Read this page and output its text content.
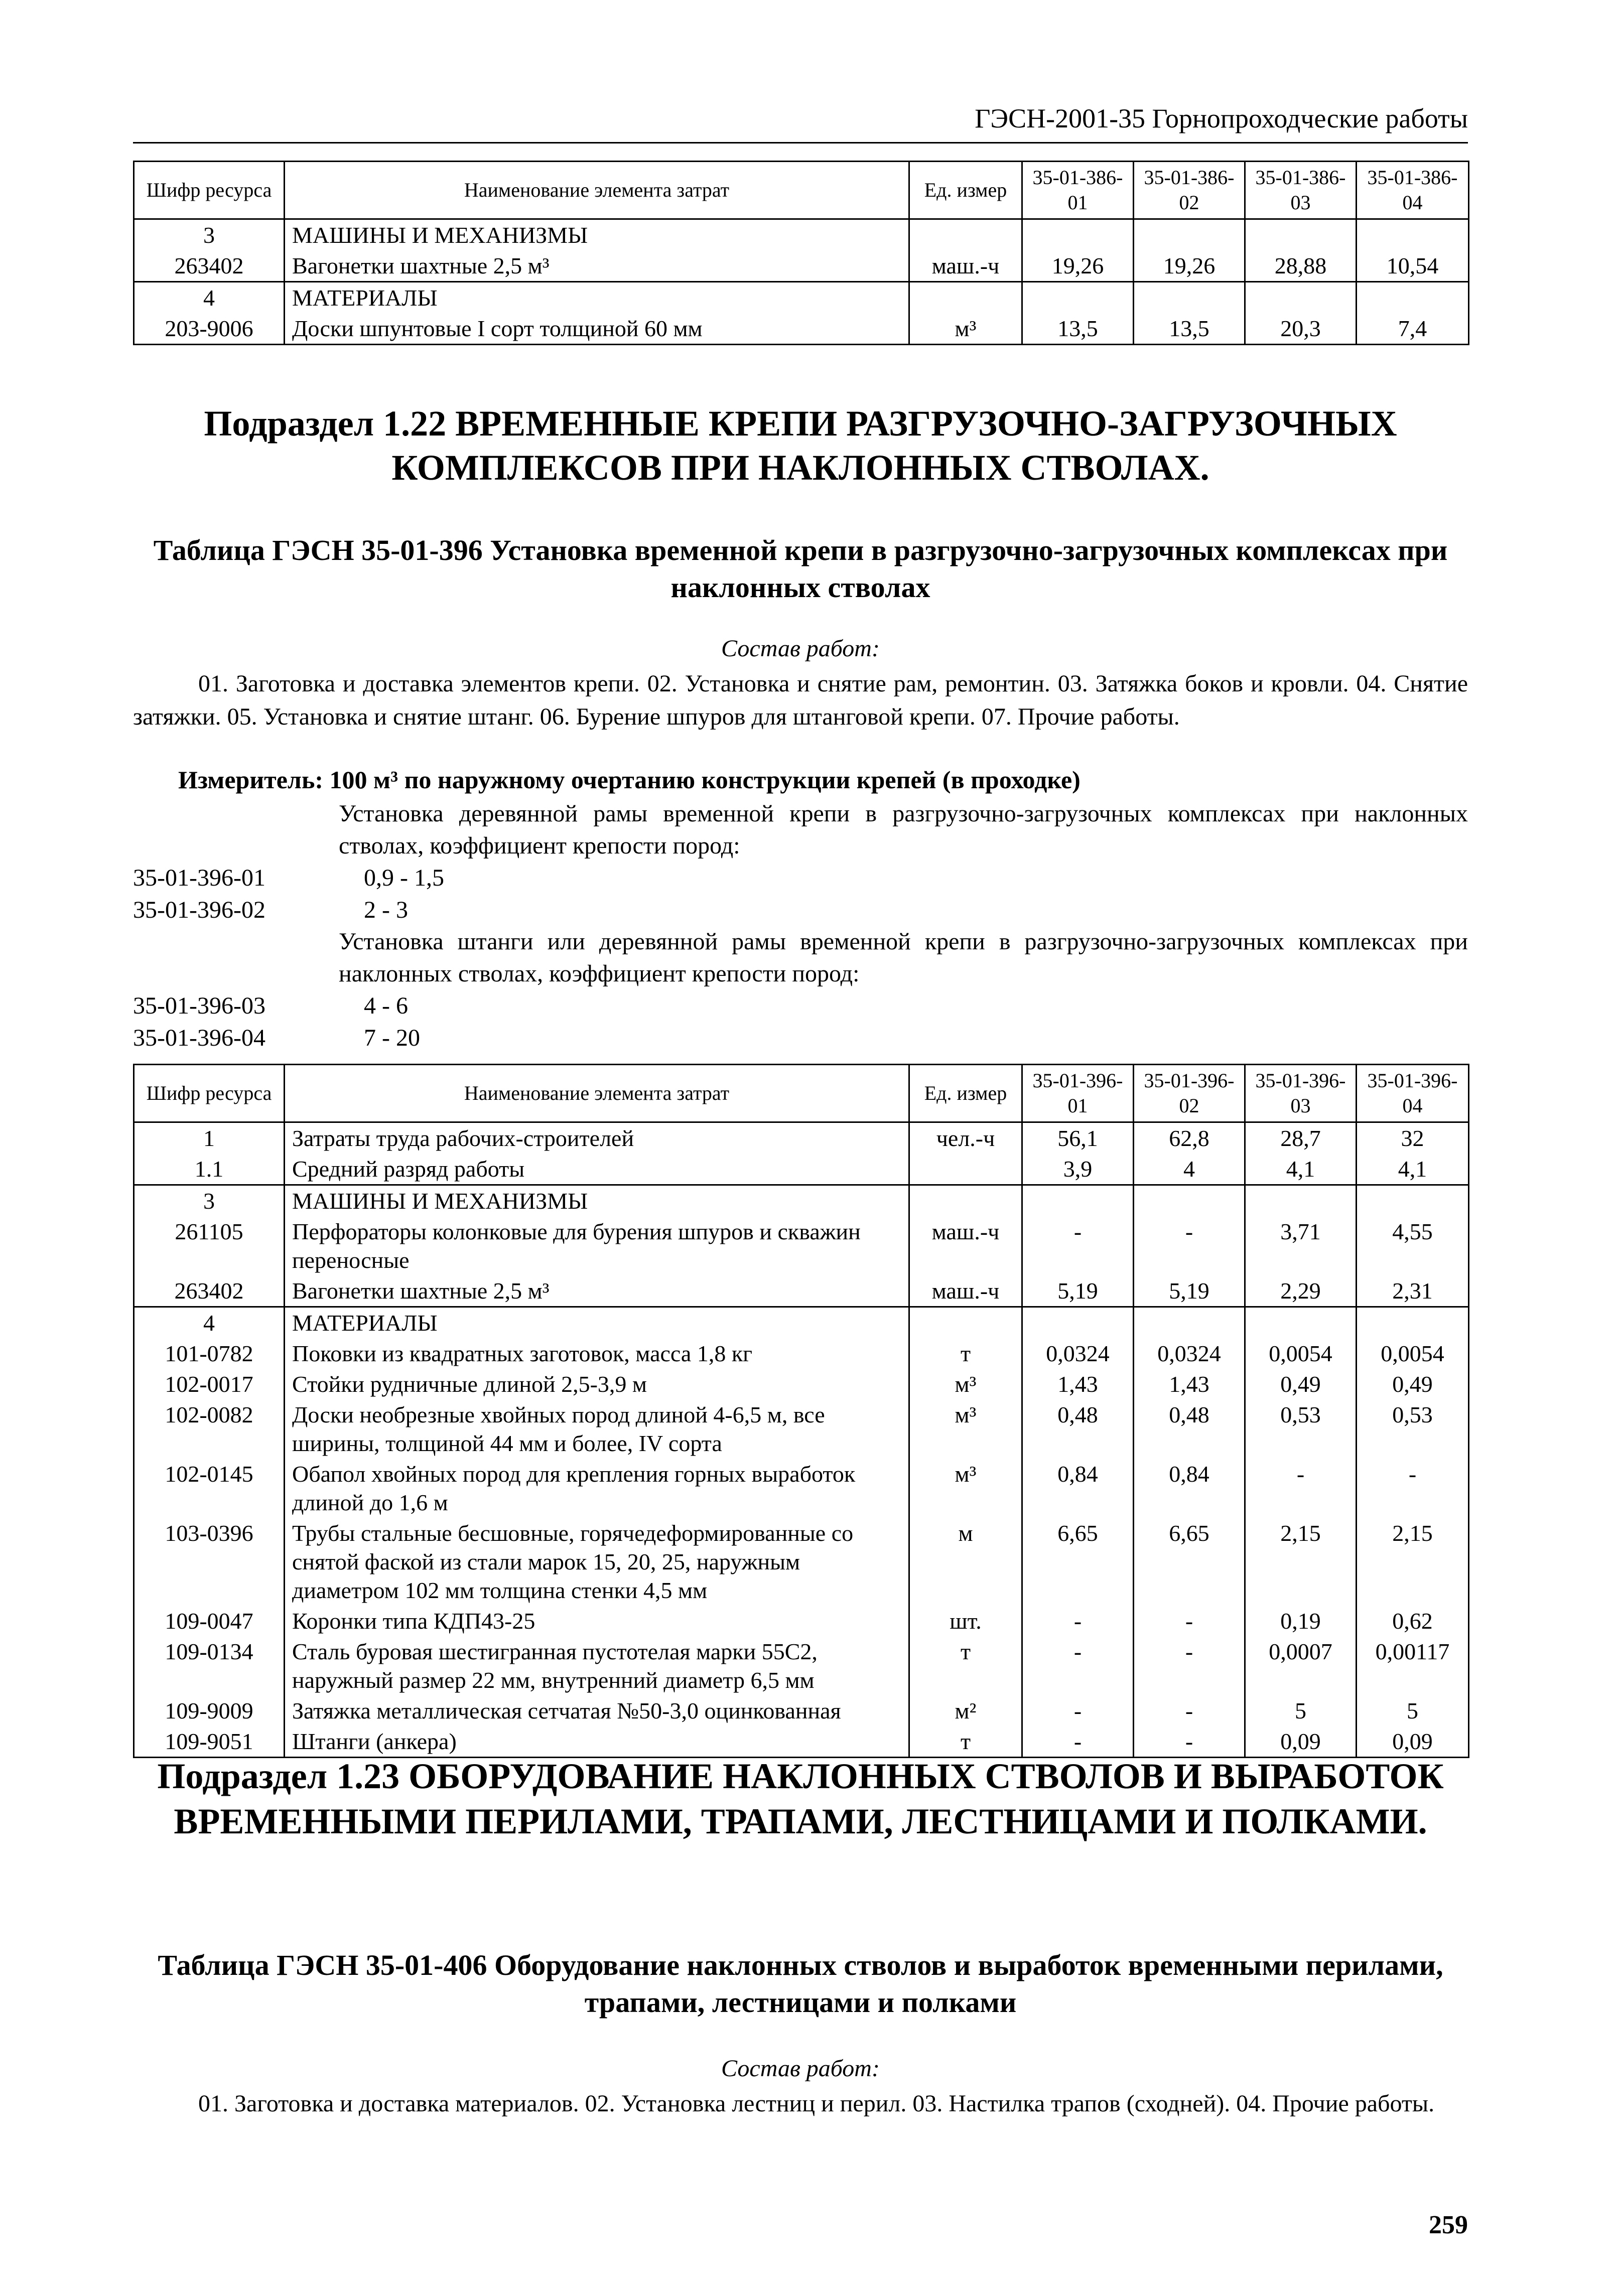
ГЭСН-2001-35 Горнопроходческие работы
Шифр ресурса	Наименование элемента затрат	Ед. измер	35-01-386-01	35-01-386-02	35-01-386-03	35-01-386-04
3	МАШИНЫ И МЕХАНИЗМЫ					
263402	Вагонетки шахтные 2,5 м³	маш.-ч	19,26	19,26	28,88	10,54
4	МАТЕРИАЛЫ					
203-9006	Доски шпунтовые I сорт толщиной 60 мм	м³	13,5	13,5	20,3	7,4
Подраздел 1.22 ВРЕМЕННЫЕ КРЕПИ РАЗГРУЗОЧНО-ЗАГРУЗОЧНЫХ КОМПЛЕКСОВ ПРИ НАКЛОННЫХ СТВОЛАХ.
Таблица ГЭСН 35-01-396 Установка временной крепи в разгрузочно-загрузочных комплексах при наклонных стволах
Состав работ:
01. Заготовка и доставка элементов крепи. 02. Установка и снятие рам, ремонтин. 03. Затяжка боков и кровли. 04. Снятие затяжки. 05. Установка и снятие штанг. 06. Бурение шпуров для штанговой крепи. 07. Прочие работы.
Измеритель: 100 м³ по наружному очертанию конструкции крепей (в проходке)
Установка деревянной рамы временной крепи в разгрузочно-загрузочных комплексах при наклонных стволах, коэффициент крепости пород:
35-01-396-01	0,9 - 1,5
35-01-396-02	2 - 3
Установка штанги или деревянной рамы временной крепи в разгрузочно-загрузочных комплексах при наклонных стволах, коэффициент крепости пород:
35-01-396-03	4 - 6
35-01-396-04	7 - 20
Шифр ресурса	Наименование элемента затрат	Ед. измер	35-01-396-01	35-01-396-02	35-01-396-03	35-01-396-04
1	Затраты труда рабочих-строителей	чел.-ч	56,1	62,8	28,7	32
1.1	Средний разряд работы		3,9	4	4,1	4,1
3	МАШИНЫ И МЕХАНИЗМЫ					
261105	Перфораторы колонковые для бурения шпуров и скважин переносные	маш.-ч	-	-	3,71	4,55
263402	Вагонетки шахтные 2,5 м³	маш.-ч	5,19	5,19	2,29	2,31
4	МАТЕРИАЛЫ					
101-0782	Поковки из квадратных заготовок, масса 1,8 кг	т	0,0324	0,0324	0,0054	0,0054
102-0017	Стойки рудничные длиной 2,5-3,9 м	м³	1,43	1,43	0,49	0,49
102-0082	Доски необрезные хвойных пород длиной 4-6,5 м, все ширины, толщиной 44 мм и более, IV сорта	м³	0,48	0,48	0,53	0,53
102-0145	Обапол хвойных пород для крепления горных выработок длиной до 1,6 м	м³	0,84	0,84	-	-
103-0396	Трубы стальные бесшовные, горячедеформированные со снятой фаской из стали марок 15, 20, 25, наружным диаметром 102 мм толщина стенки 4,5 мм	м	6,65	6,65	2,15	2,15
109-0047	Коронки типа КДП43-25	шт.	-	-	0,19	0,62
109-0134	Сталь буровая шестигранная пустотелая марки 55С2, наружный размер 22 мм, внутренний диаметр 6,5 мм	т	-	-	0,0007	0,00117
109-9009	Затяжка металлическая сетчатая №50-3,0 оцинкованная	м²	-	-	5	5
109-9051	Штанги (анкера)	т	-	-	0,09	0,09
Подраздел 1.23 ОБОРУДОВАНИЕ НАКЛОННЫХ СТВОЛОВ И ВЫРАБОТОК ВРЕМЕННЫМИ ПЕРИЛАМИ, ТРАПАМИ, ЛЕСТНИЦАМИ И ПОЛКАМИ.
Таблица ГЭСН 35-01-406 Оборудование наклонных стволов и выработок временными перилами, трапами, лестницами и полками
Состав работ:
01. Заготовка и доставка материалов. 02. Установка лестниц и перил. 03. Настилка трапов (сходней). 04. Прочие работы.
259
